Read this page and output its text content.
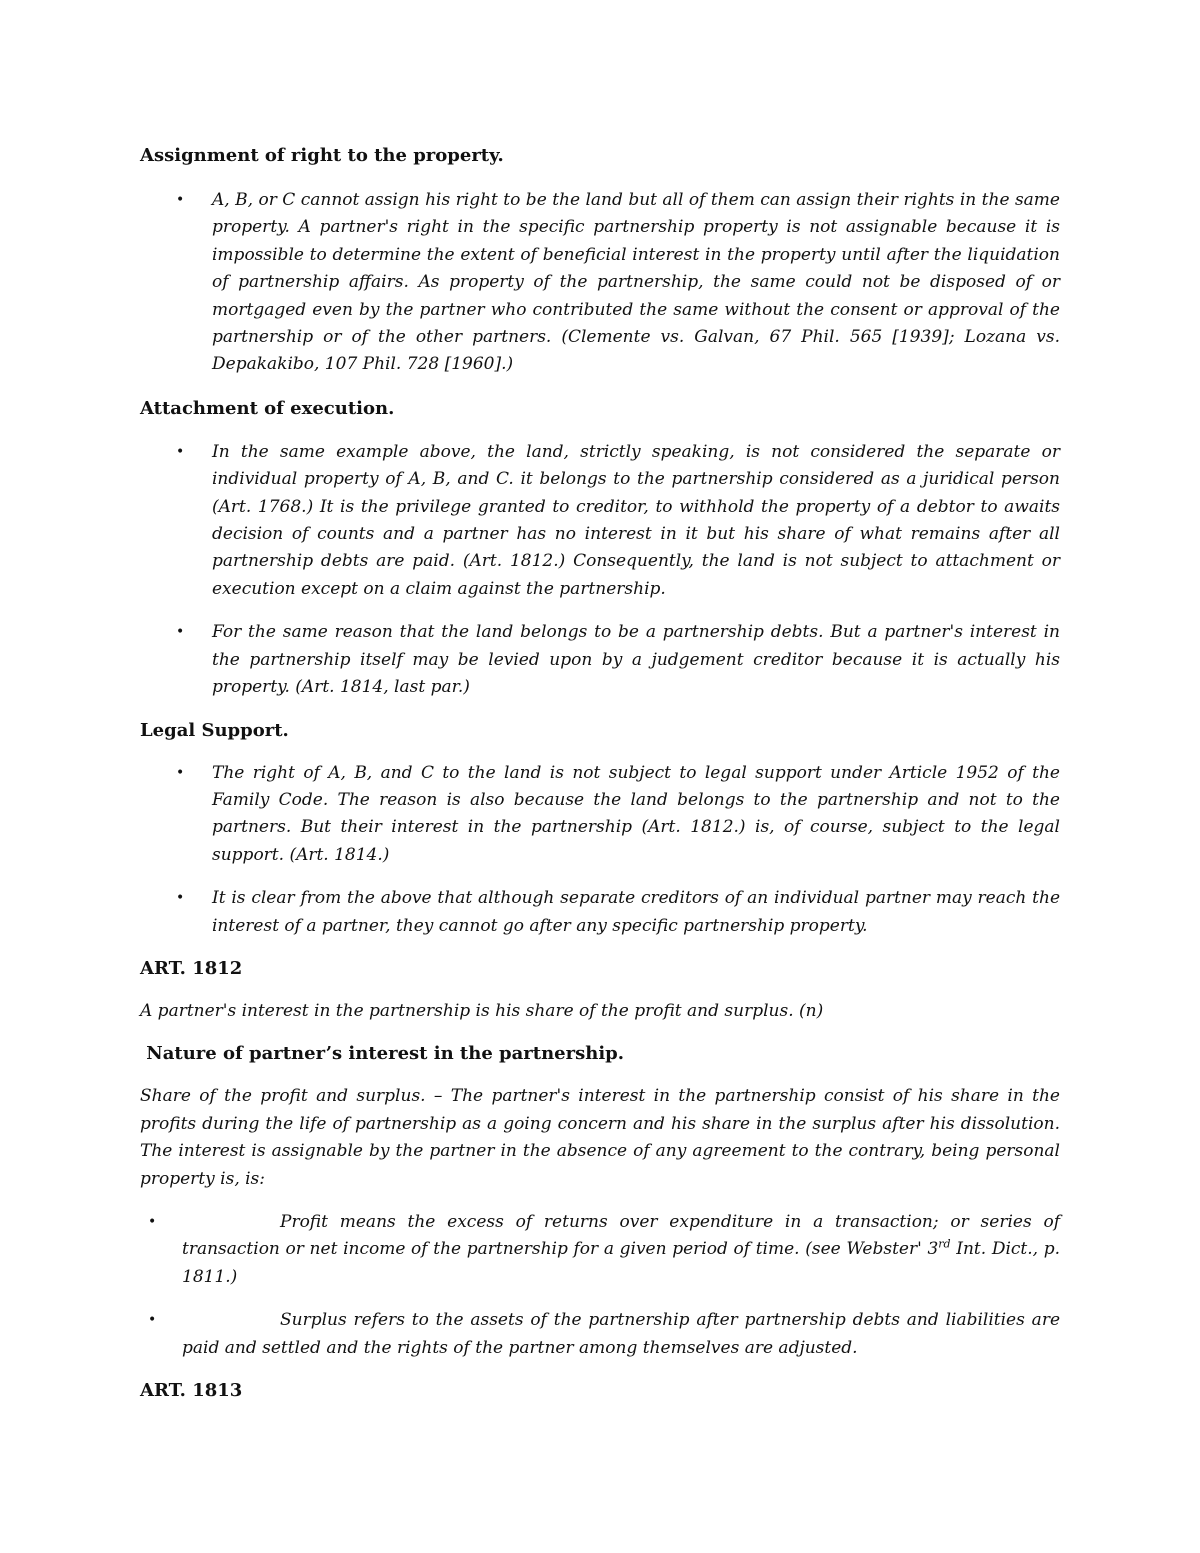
Assignment of right to the property.

• A, B, or C cannot assign his right to be the land but all of them can assign their rights in the same property. A partner's right in the specific partnership property is not assignable because it is impossible to determine the extent of beneficial interest in the property until after the liquidation of partnership affairs. As property of the partnership, the same could not be disposed of or mortgaged even by the partner who contributed the same without the consent or approval of the partnership or of the other partners. (Clemente vs. Galvan, 67 Phil. 565 [1939]; Lozana vs. Depakakibo, 107 Phil. 728 [1960].)

Attachment of execution.

• In the same example above, the land, strictly speaking, is not considered the separate or individual property of A, B, and C. it belongs to the partnership considered as a juridical person (Art. 1768.) It is the privilege granted to creditor, to withhold the property of a debtor to awaits decision of counts and a partner has no interest in it but his share of what remains after all partnership debts are paid. (Art. 1812.) Consequently, the land is not subject to attachment or execution except on a claim against the partnership.
• For the same reason that the land belongs to be a partnership debts. But a partner's interest in the partnership itself may be levied upon by a judgement creditor because it is actually his property. (Art. 1814, last par.)

Legal Support.

• The right of A, B, and C to the land is not subject to legal support under Article 1952 of the Family Code. The reason is also because the land belongs to the partnership and not to the partners. But their interest in the partnership (Art. 1812.) is, of course, subject to the legal support. (Art. 1814.)
• It is clear from the above that although separate creditors of an individual partner may reach the interest of a partner, they cannot go after any specific partnership property.

ART. 1812

A partner's interest in the partnership is his share of the profit and surplus. (n)

Nature of partner’s interest in the partnership.

Share of the profit and surplus. – The partner's interest in the partnership consist of his share in the profits during the life of partnership as a going concern and his share in the surplus after his dissolution. The interest is assignable by the partner in the absence of any agreement to the contrary, being personal property is, is:

•	Profit means the excess of returns over expenditure in a transaction; or series of transaction or net income of the partnership for a given period of time. (see Webster' 3rd Int. Dict., p. 1811.)
•	Surplus refers to the assets of the partnership after partnership debts and liabilities are paid and settled and the rights of the partner among themselves are adjusted.

ART. 1813
